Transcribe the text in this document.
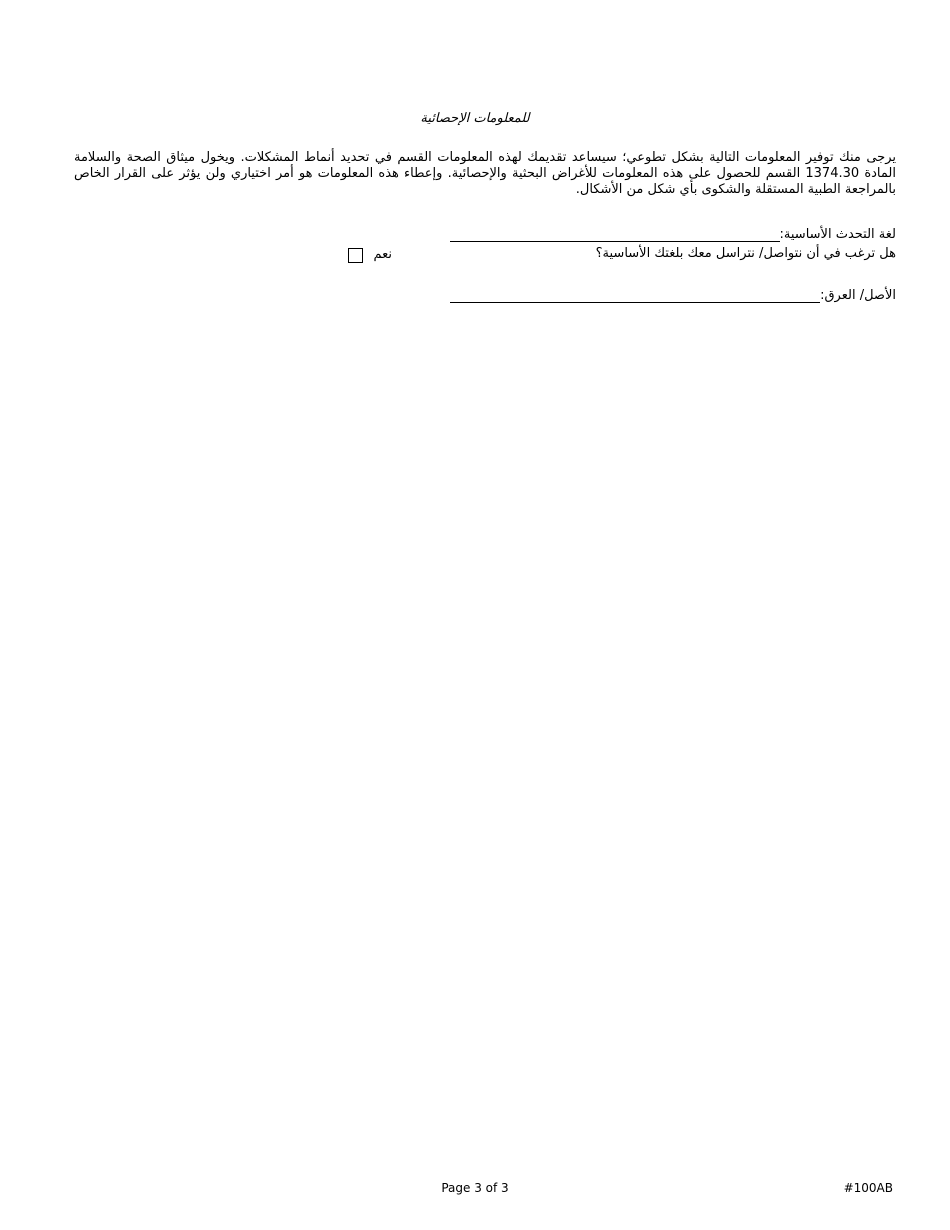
للمعلومات الإحصائية
يرجى منك توفير المعلومات التالية بشكل تطوعي؛ سيساعد تقديمك لهذه المعلومات القسم في تحديد أنماط المشكلات. ويخول ميثاق الصحة والسلامة المادة 1374.30 القسم للحصول على هذه المعلومات للأغراض البحثية والإحصائية. وإعطاء هذه المعلومات هو أمر اختياري ولن يؤثر على القرار الخاص بالمراجعة الطبية المستقلة والشكوى بأي شكل من الأشكال.
لغة التحدث الأساسية:
هل ترغب في أن نتواصل/ نتراسل معك بلغتك الأساسية؟
نعم
الأصل/ العرق:
Page 3 of 3	#100AB
